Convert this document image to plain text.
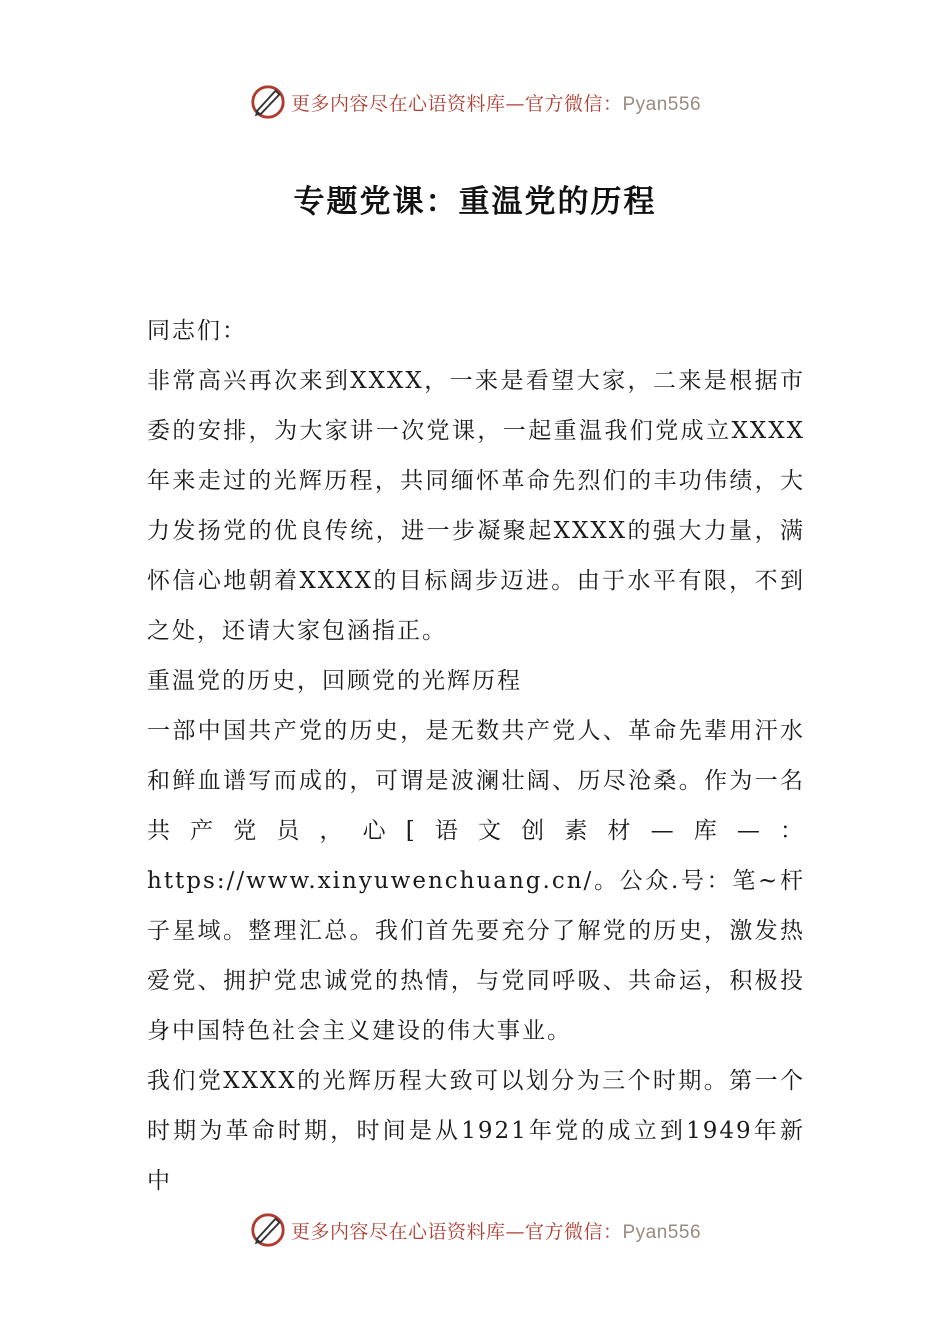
更多内容尽在心语资料库—官方微信：Pyan556
专题党课：重温党的历程

同志们：

非常高兴再次来到XXXX，一来是看望大家，二来是根据市委的安排，为大家讲一次党课，一起重温我们党成立XXXX年来走过的光辉历程，共同缅怀革命先烈们的丰功伟绩，大力发扬党的优良传统，进一步凝聚起XXXX的强大力量，满怀信心地朝着XXXX的目标阔步迈进。由于水平有限，不到之处，还请大家包涵指正。

重温党的历史，回顾党的光辉历程

一部中国共产党的历史，是无数共产党人、革命先辈用汗水和鲜血谱写而成的，可谓是波澜壮阔、历尽沧桑。作为一名共产党员，心[语文创素材—库—：https://www.xinyuwenchuang.cn/。公众.号：笔~杆子星域。整理汇总。我们首先要充分了解党的历史，激发热爱党、拥护党忠诚党的热情，与党同呼吸、共命运，积极投身中国特色社会主义建设的伟大事业。

我们党XXXX的光辉历程大致可以划分为三个时期。第一个时期为革命时期，时间是从1921年党的成立到1949年新中

更多内容尽在心语资料库—官方微信：Pyan556
